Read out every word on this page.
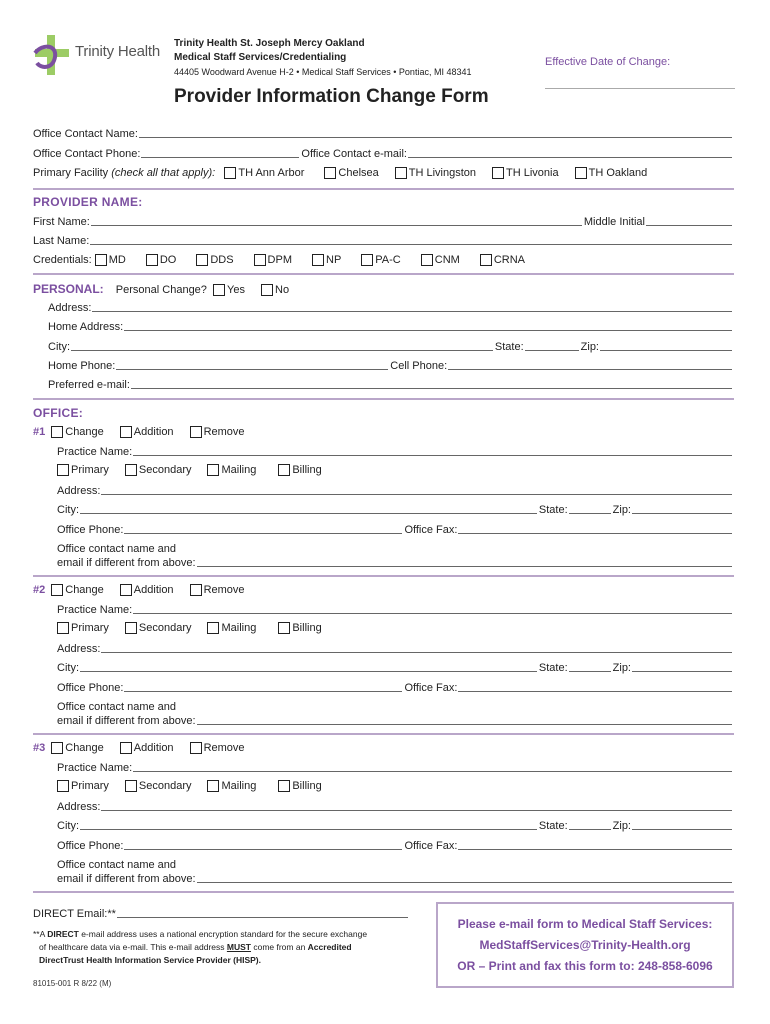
Trinity Health Trinity Health St. Joseph Mercy Oakland
Medical Staff Services/Credentialing
44405 Woodward Avenue H-2 • Medical Staff Services • Pontiac, MI 48341
Effective Date of Change:
Provider Information Change Form
Office Contact Name:
Office Contact Phone:	Office Contact e-mail:
Primary Facility
(check all that apply):
TH Ann Arbor	Chelsea	TH Livingston	TH Livonia	TH Oakland
PROVIDER NAME:
First Name:	Middle Initial
Last Name:
Credentials: MD	DO	DDS	DPM	NP	PA-C	CNM	CRNA
PERSONAL:
Personal Change?
Yes	No
Address:
Home Address:
City:	State:	Zip:
Home Phone:	Cell Phone:
Preferred e-mail:
OFFICE:
#1 Change	Addition	Remove
Practice Name:
Primary	Secondary	Mailing	Billing
Address:
City:	State:	Zip:
Office Phone:	Office Fax:
Office contact name and
email if different from above:
#2 Change	Addition	Remove
Practice Name:
Primary	Secondary	Mailing	Billing
Address:
City:	State:	Zip:
Office Phone:	Office Fax:
Office contact name and
email if different from above:
#3 Change	Addition	Remove
Practice Name:
Primary	Secondary	Mailing	Billing
Address:
City:	State:	Zip:
Office Phone:	Office Fax:
Office contact name and
email if different from above:
DIRECT Email:**
**A DIRECT e-mail address uses a national encryption standard for the secure exchange
of healthcare data via e-mail. This e-mail address MUST come from an Accredited
DirectTrust Health Information Service Provider (HISP).
81015-001 R 8/22 (M)
Please e-mail form to Medical Staff Services:
MedStaffServices@Trinity-Health.org
OR – Print and fax this form to: 248-858-6096
